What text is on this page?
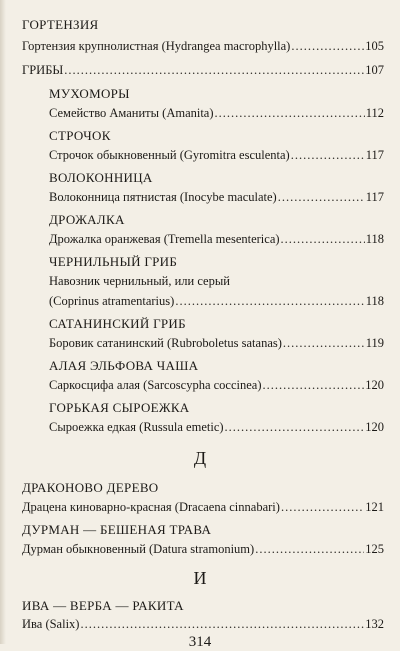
ГОРТЕНЗИЯ
Гортензия крупнолистная (Hydrangea macrophylla) .....	105
ГРИБЫ .....	107
МУХОМОРЫ
Семейство Аманиты (Amanita) .....	112
СТРОЧОК
Строчок обыкновенный (Gyromitra esculenta) .....	117
ВОЛОКОННИЦА
Волоконница пятнистая (Inocybe maculate) .....	117
ДРОЖАЛКА
Дрожалка оранжевая (Tremella mesenterica) .....	118
ЧЕРНИЛЬНЫЙ ГРИБ
Навозник чернильный, или серый
(Coprinus atramentarius) .....	118
САТАНИНСКИЙ ГРИБ
Боровик сатанинский (Rubroboletus satanas) .....	119
АЛАЯ ЭЛЬФОВА ЧАША
Саркосцифа алая (Sarcoscypha coccinea) .....	120
ГОРЬКАЯ СЫРОЕЖКА
Сыроежка едкая (Russula emetic) .....	120
Д
ДРАКОНОВО ДЕРЕВО
Драцена киноварно-красная (Dracaena cinnabari) .....	121
ДУРМАН — БЕШЕНАЯ ТРАВА
Дурман обыкновенный (Datura stramonium) .....	125
И
ИВА — ВЕРБА — РАКИТА
Ива (Salix) .....	132
314
